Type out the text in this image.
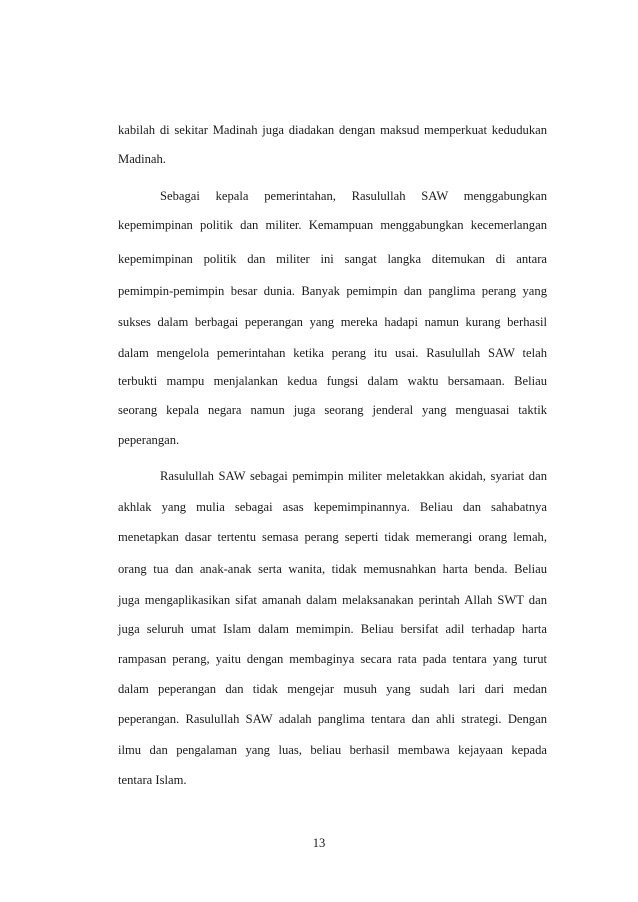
kabilah di sekitar Madinah juga diadakan dengan maksud memperkuat kedudukan
Madinah.
Sebagai kepala pemerintahan, Rasulullah SAW menggabungkan
kepemimpinan politik dan militer. Kemampuan menggabungkan kecemerlangan
kepemimpinan politik dan militer ini sangat langka ditemukan di antara
pemimpin-pemimpin besar dunia. Banyak pemimpin dan panglima perang yang
sukses dalam berbagai peperangan yang mereka hadapi namun kurang berhasil
dalam mengelola pemerintahan ketika perang itu usai. Rasulullah SAW telah
terbukti mampu menjalankan kedua fungsi dalam waktu bersamaan. Beliau
seorang kepala negara namun juga seorang jenderal yang menguasai taktik
peperangan.
Rasulullah SAW sebagai pemimpin militer meletakkan akidah, syariat dan
akhlak yang mulia sebagai asas kepemimpinannya. Beliau dan sahabatnya
menetapkan dasar tertentu semasa perang seperti tidak memerangi orang lemah,
orang tua dan anak-anak serta wanita, tidak memusnahkan harta benda. Beliau
juga mengaplikasikan sifat amanah dalam melaksanakan perintah Allah SWT dan
juga seluruh umat Islam dalam memimpin. Beliau bersifat adil terhadap harta
rampasan perang, yaitu dengan membaginya secara rata pada tentara yang turut
dalam peperangan dan tidak mengejar musuh yang sudah lari dari medan
peperangan. Rasulullah SAW adalah panglima tentara dan ahli strategi. Dengan
ilmu dan pengalaman yang luas, beliau berhasil membawa kejayaan kepada
tentara Islam.
13
